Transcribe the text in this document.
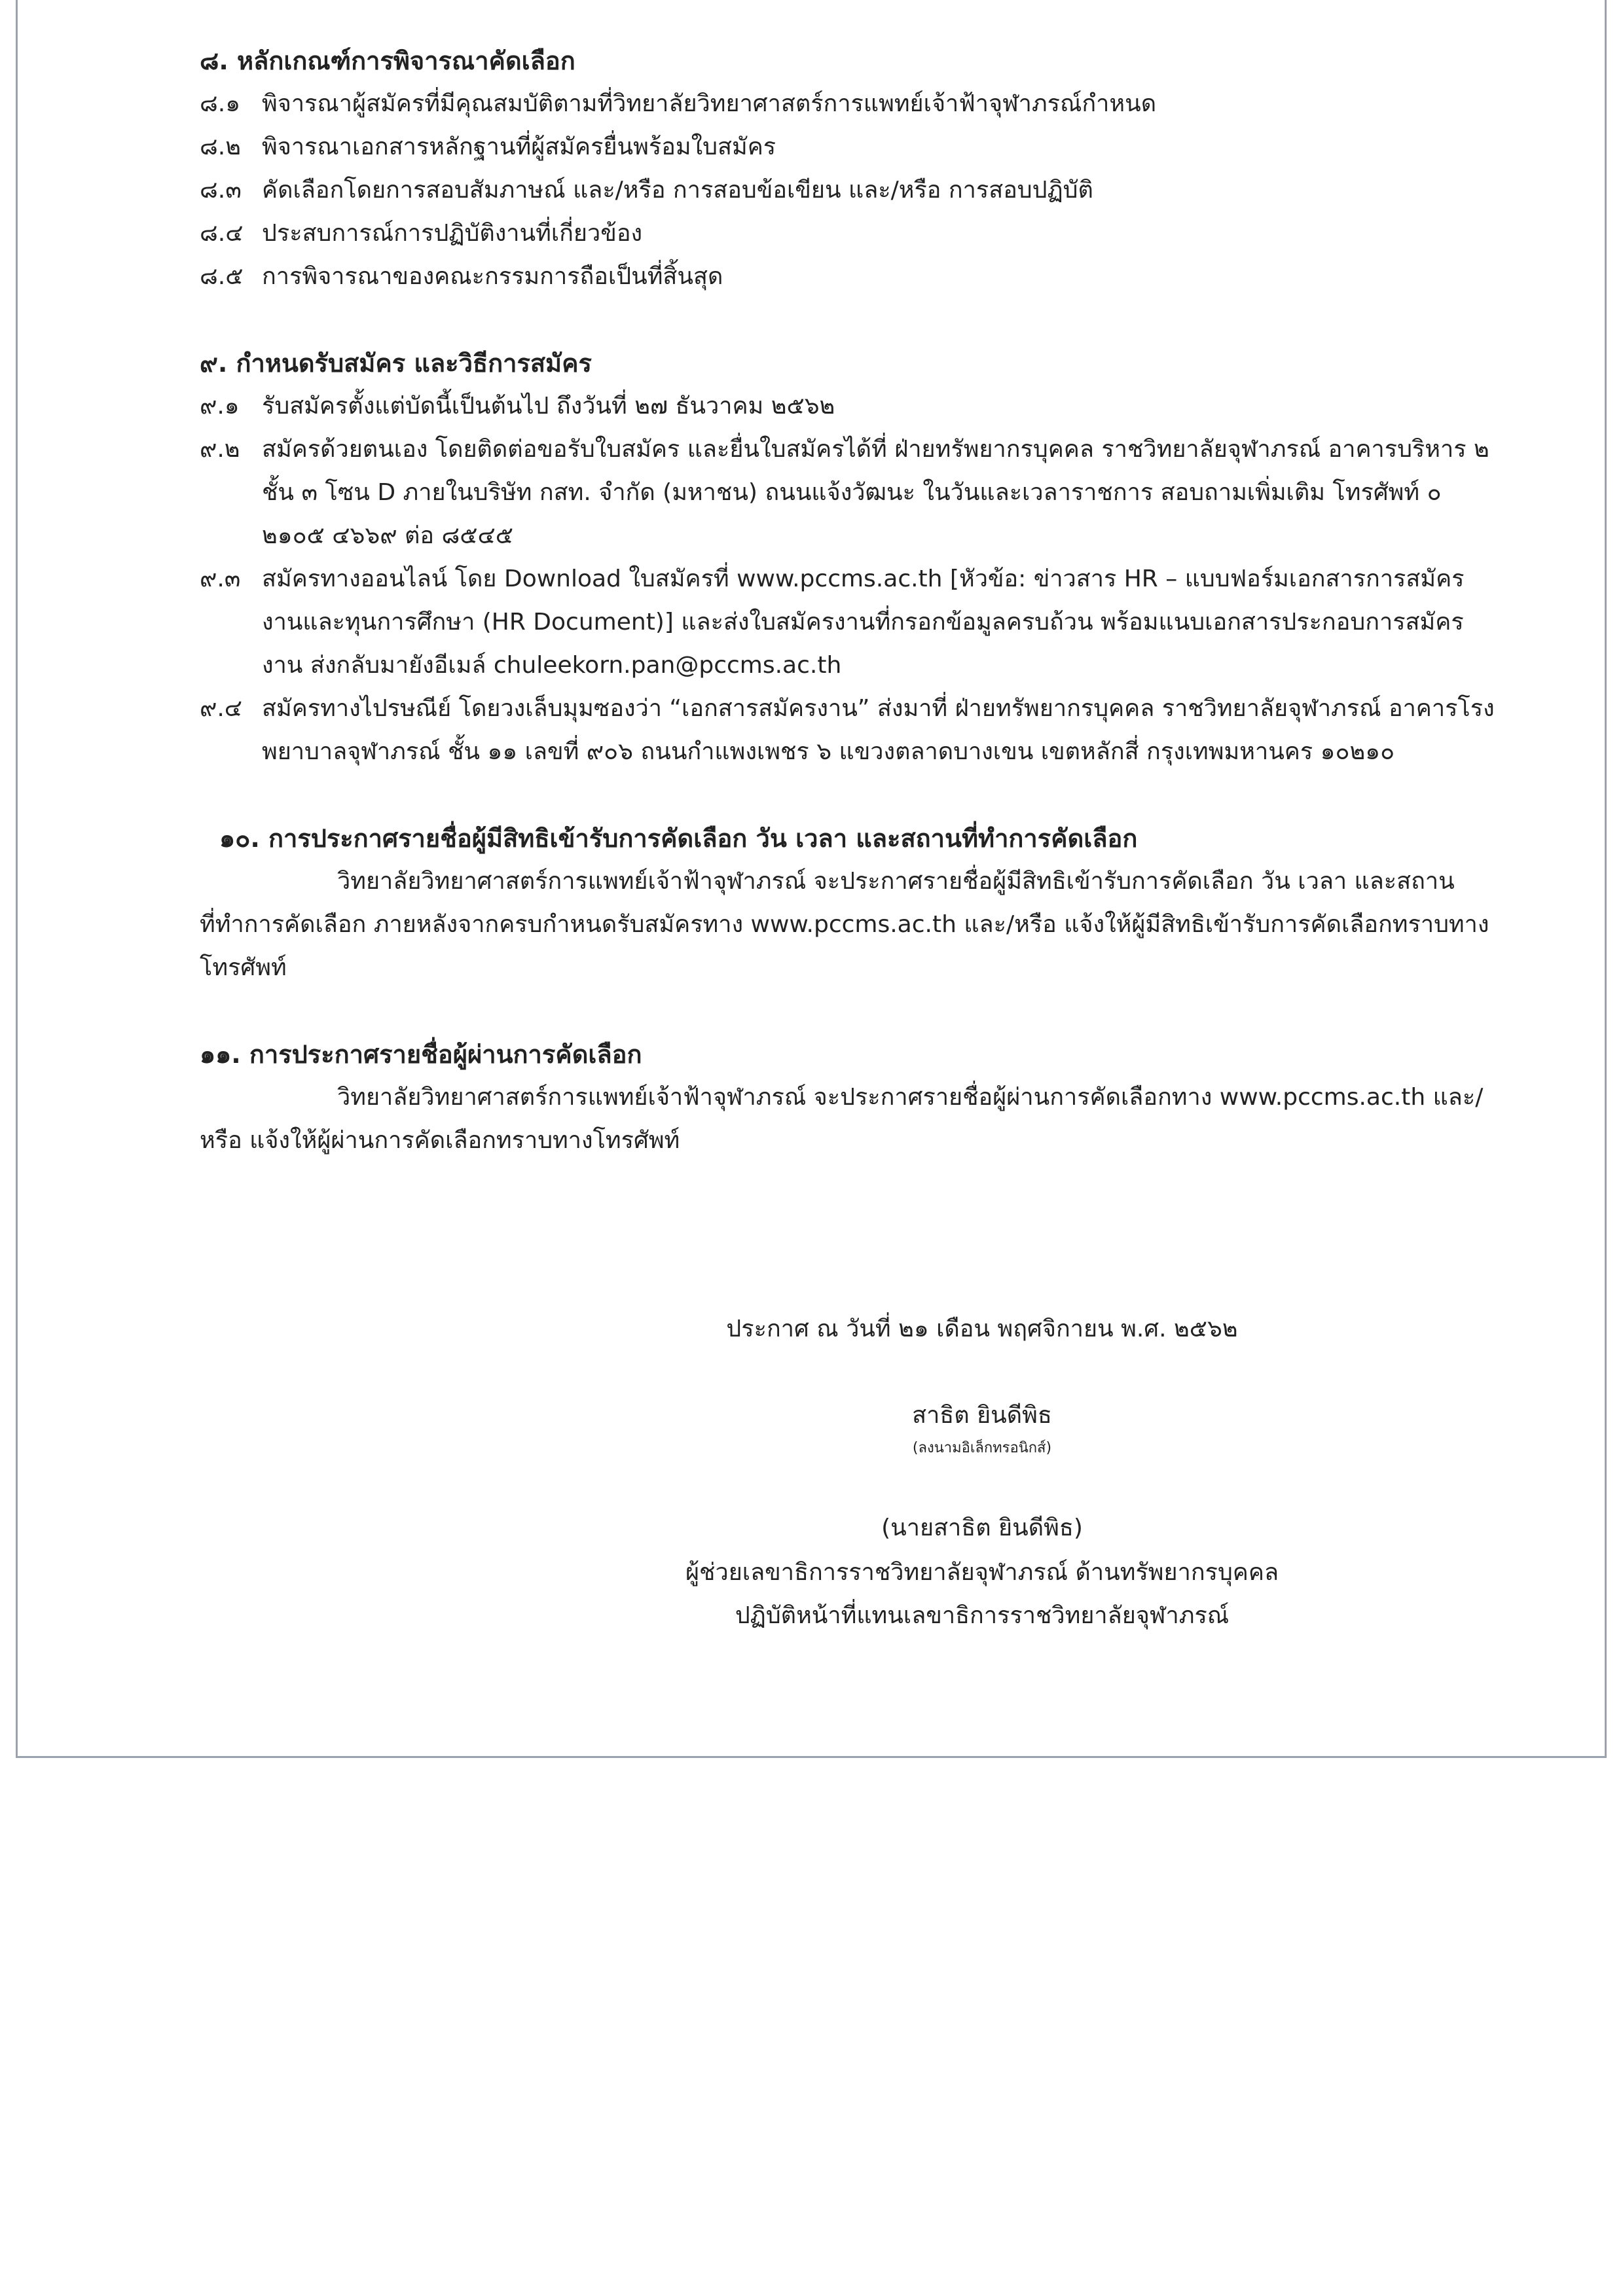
๘. หลักเกณฑ์การพิจารณาคัดเลือก

๘.๑ พิจารณาผู้สมัครที่มีคุณสมบัติตามที่วิทยาลัยวิทยาศาสตร์การแพทย์เจ้าฟ้าจุฬาภรณ์กำหนด
๘.๒ พิจารณาเอกสารหลักฐานที่ผู้สมัครยื่นพร้อมใบสมัคร
๘.๓ คัดเลือกโดยการสอบสัมภาษณ์ และ/หรือ การสอบข้อเขียน และ/หรือ การสอบปฏิบัติ
๘.๔ ประสบการณ์การปฏิบัติงานที่เกี่ยวข้อง
๘.๕ การพิจารณาของคณะกรรมการถือเป็นที่สิ้นสุด

๙. กำหนดรับสมัคร และวิธีการสมัคร

๙.๑ รับสมัครตั้งแต่บัดนี้เป็นต้นไป ถึงวันที่ ๒๗ ธันวาคม ๒๕๖๒
๙.๒ สมัครด้วยตนเอง โดยติดต่อขอรับใบสมัคร และยื่นใบสมัครได้ที่ ฝ่ายทรัพยากรบุคคล ราชวิทยาลัยจุฬาภรณ์ อาคารบริหาร ๒ ชั้น ๓ โซน D ภายในบริษัท กสท. จำกัด (มหาชน) ถนนแจ้งวัฒนะ ในวันและเวลาราชการ สอบถามเพิ่มเติม โทรศัพท์ ๐ ๒๑๐๕ ๔๖๖๙ ต่อ ๘๕๔๕
๙.๓ สมัครทางออนไลน์ โดย Download ใบสมัครที่ www.pccms.ac.th [หัวข้อ: ข่าวสาร HR – แบบฟอร์มเอกสารการสมัคร งานและทุนการศึกษา (HR Document)] และส่งใบสมัครงานที่กรอกข้อมูลครบถ้วน พร้อมแนบเอกสารประกอบการสมัครงาน ส่งกลับมายังอีเมล์ chuleekorn.pan@pccms.ac.th
๙.๔ สมัครทางไปรษณีย์ โดยวงเล็บมุมซองว่า “เอกสารสมัครงาน” ส่งมาที่ ฝ่ายทรัพยากรบุคคล ราชวิทยาลัยจุฬาภรณ์ อาคารโรงพยาบาลจุฬาภรณ์ ชั้น ๑๑ เลขที่ ๙๐๖ ถนนกำแพงเพชร ๖ แขวงตลาดบางเขน เขตหลักสี่ กรุงเทพมหานคร ๑๐๒๑๐

๑๐. การประกาศรายชื่อผู้มีสิทธิเข้ารับการคัดเลือก วัน เวลา และสถานที่ทำการคัดเลือก

วิทยาลัยวิทยาศาสตร์การแพทย์เจ้าฟ้าจุฬาภรณ์ จะประกาศรายชื่อผู้มีสิทธิเข้ารับการคัดเลือก วัน เวลา และสถานที่ทำการคัดเลือก ภายหลังจากครบกำหนดรับสมัครทาง www.pccms.ac.th และ/หรือ แจ้งให้ผู้มีสิทธิเข้ารับการคัดเลือกทราบทางโทรศัพท์

๑๑. การประกาศรายชื่อผู้ผ่านการคัดเลือก

วิทยาลัยวิทยาศาสตร์การแพทย์เจ้าฟ้าจุฬาภรณ์ จะประกาศรายชื่อผู้ผ่านการคัดเลือกทาง www.pccms.ac.th และ/หรือ แจ้งให้ผู้ผ่านการคัดเลือกทราบทางโทรศัพท์

ประกาศ ณ วันที่ ๒๑ เดือน พฤศจิกายน พ.ศ. ๒๕๖๒
สาธิต ยินดีพิธ
(ลงนามอิเล็กทรอนิกส์)
(นายสาธิต ยินดีพิธ)
ผู้ช่วยเลขาธิการราชวิทยาลัยจุฬาภรณ์ ด้านทรัพยากรบุคคล
ปฏิบัติหน้าที่แทนเลขาธิการราชวิทยาลัยจุฬาภรณ์
